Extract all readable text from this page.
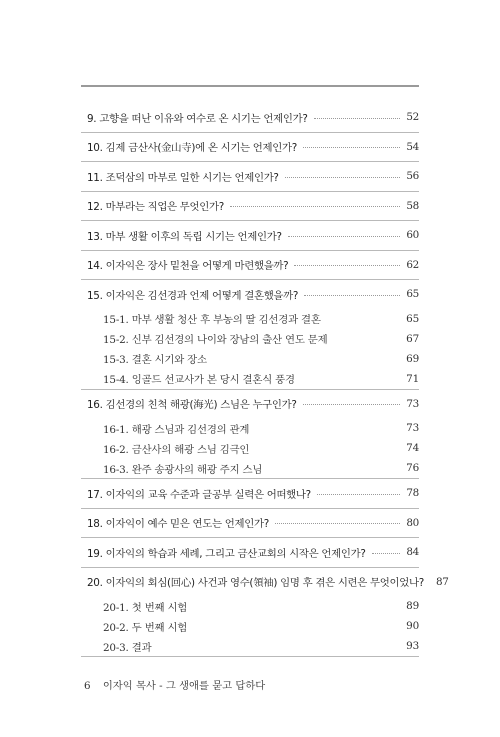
9. 고향을 떠난 이유와 여수로 온 시기는 언제인가?	52
10. 김제 금산사(金山寺)에 온 시기는 언제인가?	54
11. 조덕삼의 마부로 일한 시기는 언제인가?	56
12. 마부라는 직업은 무엇인가?	58
13. 마부 생활 이후의 독립 시기는 언제인가?	60
14. 이자익은 장사 밑천을 어떻게 마련했을까?	62
15. 이자익은 김선경과 언제 어떻게 결혼했을까?	65
15-1. 마부 생활 청산 후 부농의 딸 김선경과 결혼	65
15-2. 신부 김선경의 나이와 장남의 출산 연도 문제	67
15-3. 결혼 시기와 장소	69
15-4. 잉골드 선교사가 본 당시 결혼식 풍경	71
16. 김선경의 친척 해광(海光) 스님은 누구인가?	73
16-1. 해광 스님과 김선경의 관계	73
16-2. 금산사의 해광 스님 김극인	74
16-3. 완주 송광사의 해광 주지 스님	76
17. 이자익의 교육 수준과 글공부 실력은 어떠했나?	78
18. 이자익이 예수 믿은 연도는 언제인가?	80
19. 이자익의 학습과 세례, 그리고 금산교회의 시작은 언제인가?	84
20. 이자익의 회심(回心) 사건과 영수(領袖) 임명 후 겪은 시련은 무엇이었나? 87
20-1. 첫 번째 시험	89
20-2. 두 번째 시험	90
20-3. 결과	93
6 이자익 목사 - 그 생애를 묻고 답하다
